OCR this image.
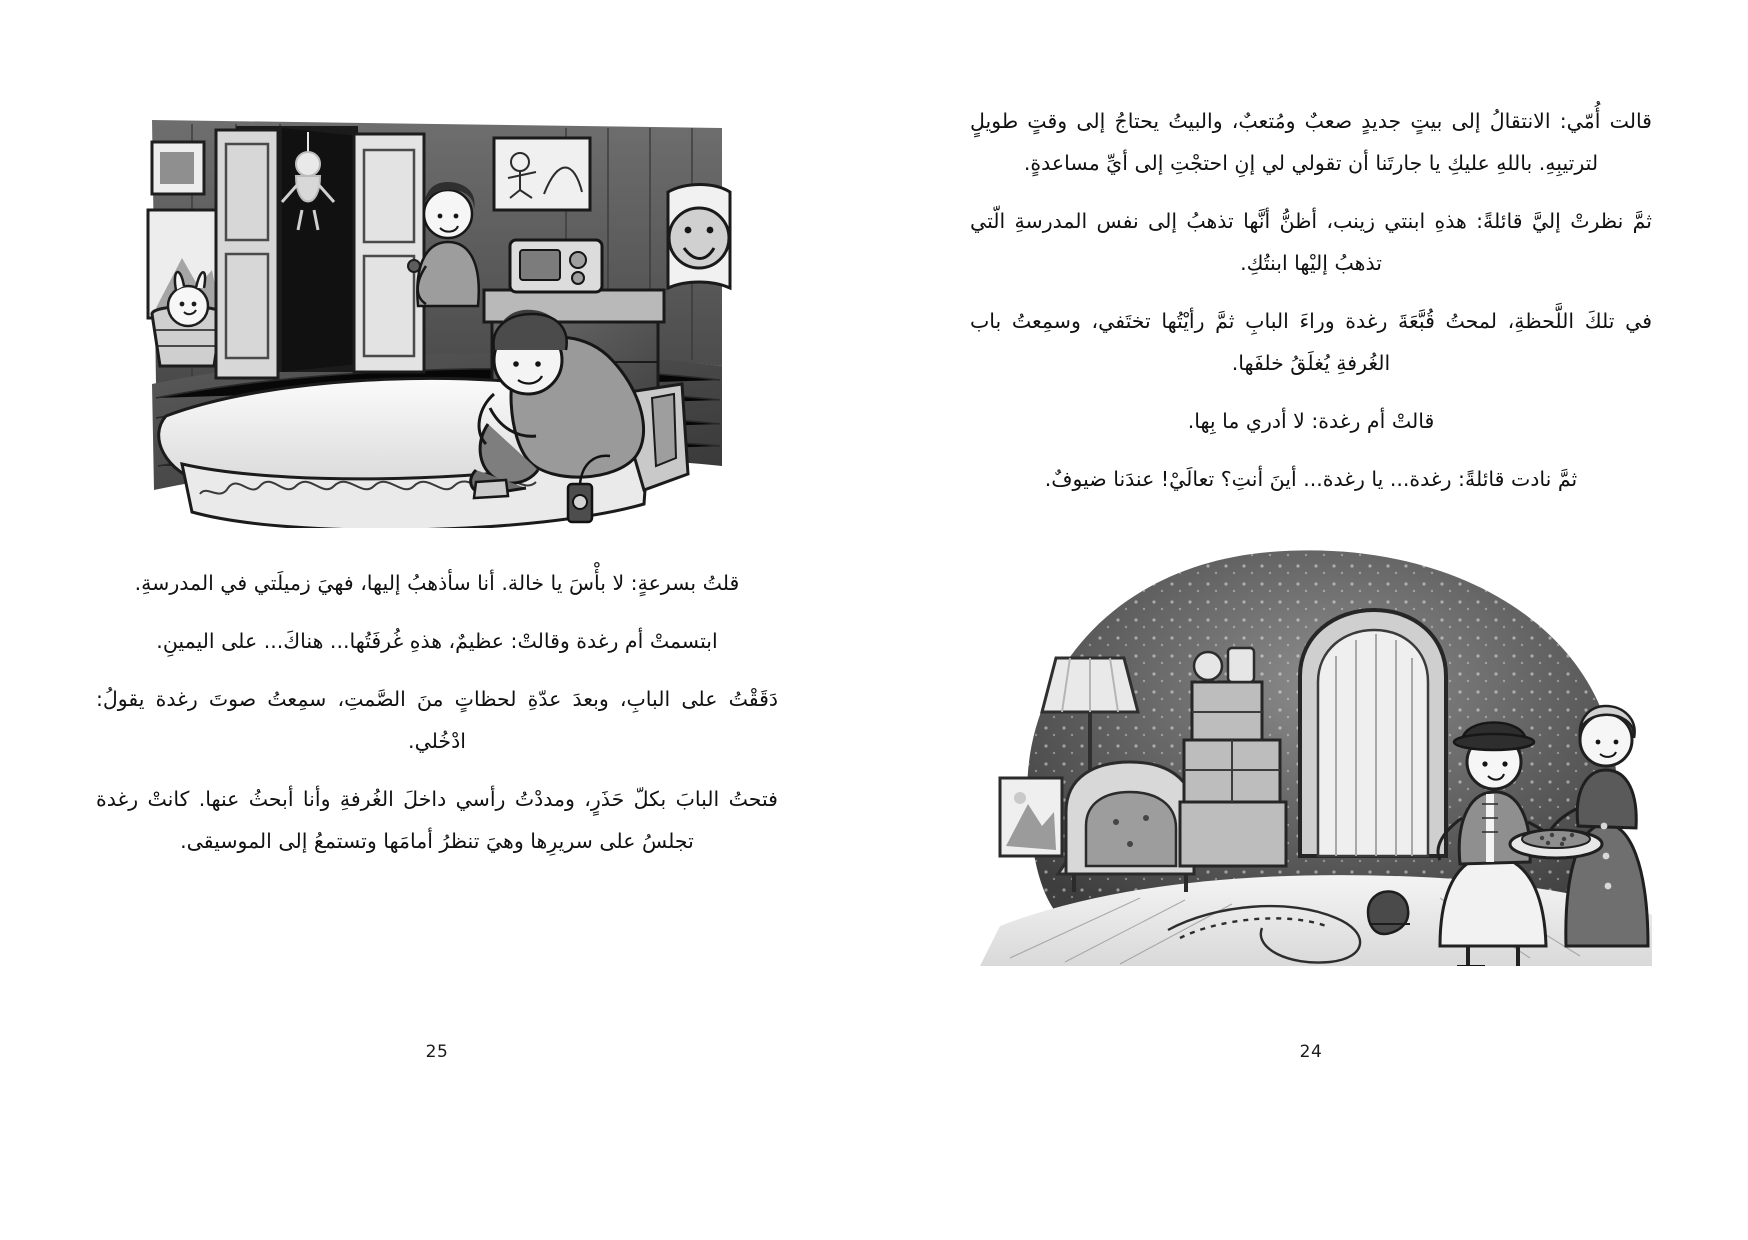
قالت أُمّي: الانتقالُ إلى بيتٍ جديدٍ صعبٌ ومُتعبٌ، والبيتُ يحتاجُ إلى وقتٍ طويلٍ لترتيبِهِ. باللهِ عليكِ يا جارتَنا أن تقولي لي إنِ احتجْتِ إلى أيِّ مساعدةٍ.

ثمَّ نظرتْ إليَّ قائلةً: هذهِ ابنتي زينب، أظنُّ أنَّها تذهبُ إلى نفس المدرسةِ الّتي تذهبُ إليْها ابنتُكِ.

في تلكَ اللَّحظةِ، لمحتُ قُبَّعَةَ رغدة وراءَ البابِ ثمَّ رأيْتُها تختَفي، وسمِعتُ باب الغُرفةِ يُغلَقُ خلفَها.

قالتْ أم رغدة: لا أدري ما بِها.

ثمَّ نادت قائلةً: رغدة... يا رغدة... أينَ أنتِ؟ تعالَيْ! عندَنا ضيوفٌ.

24

قلتُ بسرعةٍ: لا بأْسَ يا خالة. أنا سأذهبُ إليها، فهيَ زميلَتي في المدرسةِ.

ابتسمتْ أم رغدة وقالتْ: عظيمٌ، هذهِ غُرفَتُها... هناكَ... على اليمينِ.

دَقَقْتُ على البابِ، وبعدَ عدّةِ لحظاتٍ منَ الصَّمتِ، سمِعتُ صوتَ رغدة يقولُ: ادْخُلي.

فتحتُ البابَ بكلّ حَذَرٍ، ومددْتُ رأسي داخلَ الغُرفةِ وأنا أبحثُ عنها. كانتْ رغدة تجلسُ على سريرِها وهيَ تنظرُ أمامَها وتستمعُ إلى الموسيقى.

25
